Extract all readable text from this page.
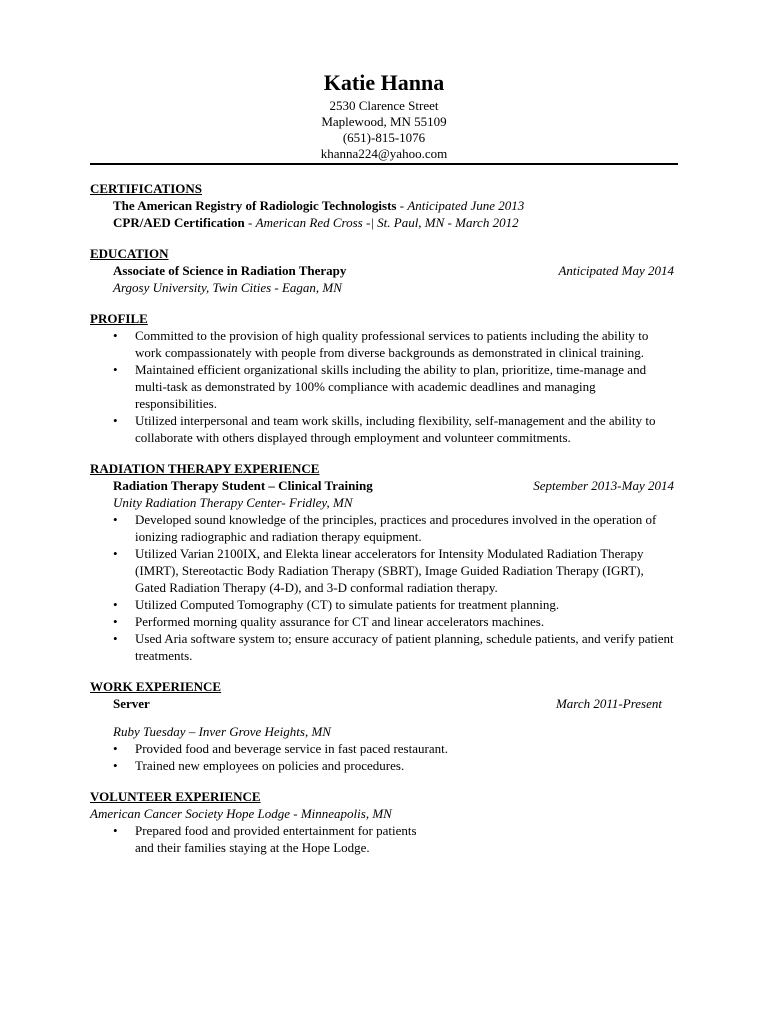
Katie Hanna
2530 Clarence Street
Maplewood, MN 55109
(651)-815-1076
khanna224@yahoo.com
CERTIFICATIONS
The American Registry of Radiologic Technologists - Anticipated June 2013
CPR/AED Certification - American Red Cross -| St. Paul, MN - March 2012
EDUCATION
Associate of Science in Radiation Therapy	Anticipated May 2014
Argosy University, Twin Cities - Eagan, MN
PROFILE
• Committed to the provision of high quality professional services to patients including the ability to work compassionately with people from diverse backgrounds as demonstrated in clinical training.
• Maintained efficient organizational skills including the ability to plan, prioritize, time-manage and multi-task as demonstrated by 100% compliance with academic deadlines and managing responsibilities.
• Utilized interpersonal and team work skills, including flexibility, self-management and the ability to collaborate with others displayed through employment and volunteer commitments.
RADIATION THERAPY EXPERIENCE
Radiation Therapy Student – Clinical Training	September 2013-May 2014
Unity Radiation Therapy Center- Fridley, MN
• Developed sound knowledge of the principles, practices and procedures involved in the operation of ionizing radiographic and radiation therapy equipment.
• Utilized Varian 2100IX, and Elekta linear accelerators for Intensity Modulated Radiation Therapy (IMRT), Stereotactic Body Radiation Therapy (SBRT), Image Guided Radiation Therapy (IGRT), Gated Radiation Therapy (4-D), and 3-D conformal radiation therapy.
• Utilized Computed Tomography (CT) to simulate patients for treatment planning.
• Performed morning quality assurance for CT and linear accelerators machines.
• Used Aria software system to; ensure accuracy of patient planning, schedule patients, and verify patient treatments.
WORK EXPERIENCE
Server	March 2011-Present
Ruby Tuesday – Inver Grove Heights, MN
• Provided food and beverage service in fast paced restaurant.
• Trained new employees on policies and procedures.
VOLUNTEER EXPERIENCE
American Cancer Society Hope Lodge - Minneapolis, MN
• Prepared food and provided entertainment for patients and their families staying at the Hope Lodge.
